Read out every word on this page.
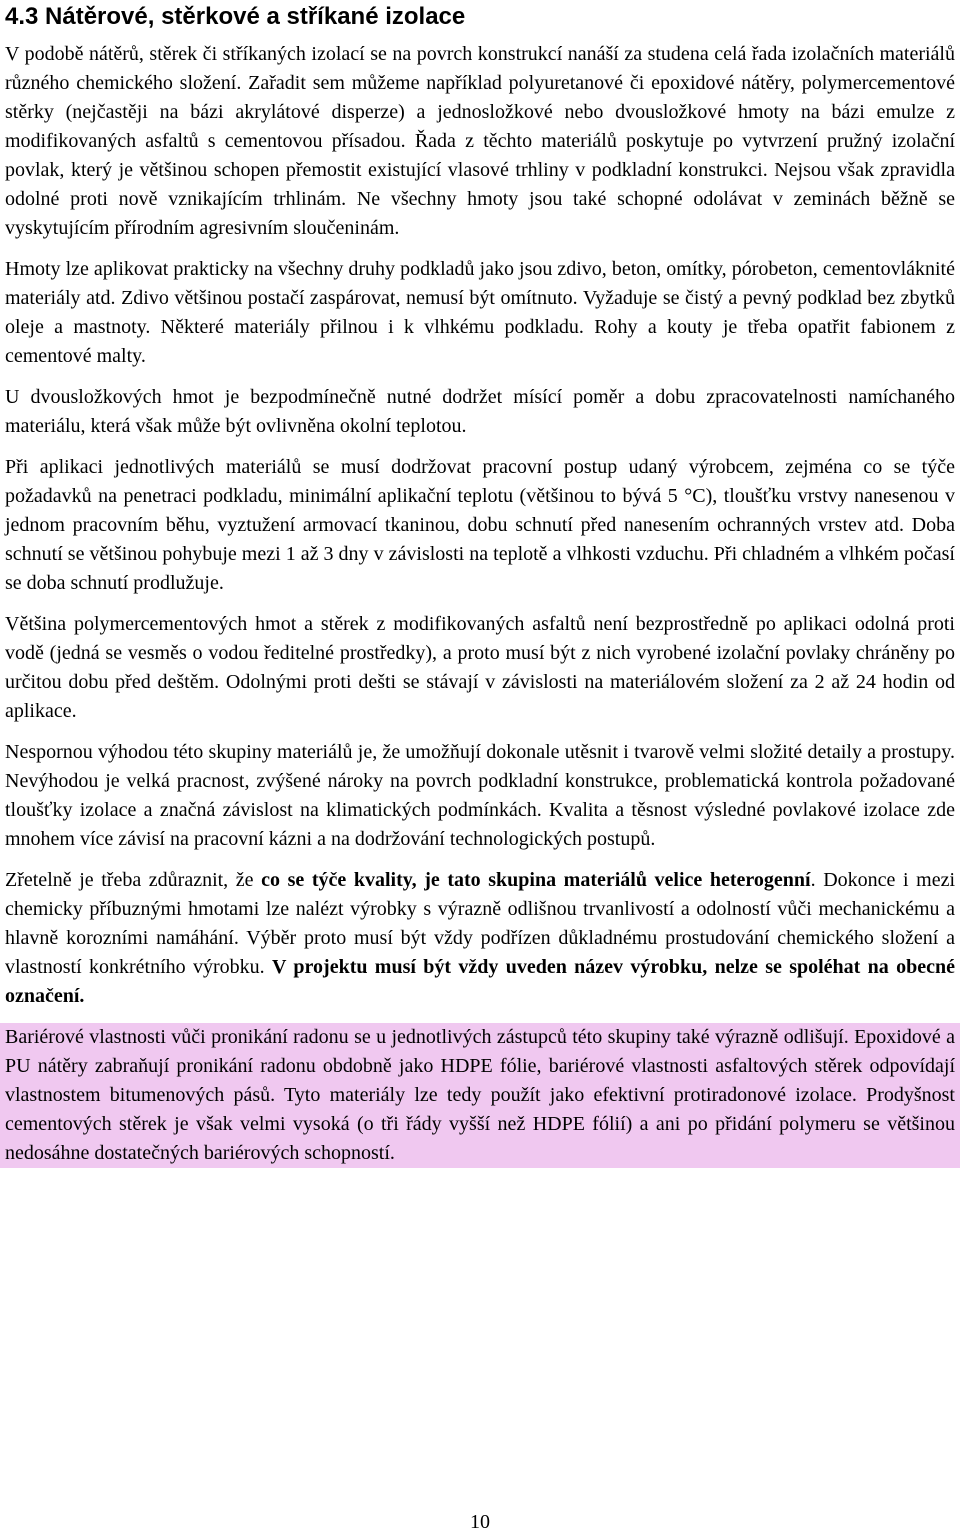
4.3 Nátěrové, stěrkové a stříkané izolace

V podobě nátěrů, stěrek či stříkaných izolací se na povrch konstrukcí nanáší za studena celá řada izolačních materiálů různého chemického složení. Zařadit sem můžeme například polyuretanové či epoxidové nátěry, polymercementové stěrky (nejčastěji na bázi akrylátové disperze) a jednosložkové nebo dvousložkové hmoty na bázi emulze z modifikovaných asfaltů s cementovou přísadou. Řada z těchto materiálů poskytuje po vytvrzení pružný izolační povlak, který je většinou schopen přemostit existující vlasové trhliny v podkladní konstrukci. Nejsou však zpravidla odolné proti nově vznikajícím trhlinám. Ne všechny hmoty jsou také schopné odolávat v zeminách běžně se vyskytujícím přírodním agresivním sloučeninám.

Hmoty lze aplikovat prakticky na všechny druhy podkladů jako jsou zdivo, beton, omítky, pórobeton, cementovláknité materiály atd. Zdivo většinou postačí zaspárovat, nemusí být omítnuto. Vyžaduje se čistý a pevný podklad bez zbytků oleje a mastnoty. Některé materiály přilnou i k vlhkému podkladu. Rohy a kouty je třeba opatřit fabionem z cementové malty.

U dvousložkových hmot je bezpodmínečně nutné dodržet mísící poměr a dobu zpracovatelnosti namíchaného materiálu, která však může být ovlivněna okolní teplotou.

Při aplikaci jednotlivých materiálů se musí dodržovat pracovní postup udaný výrobcem, zejména co se týče požadavků na penetraci podkladu, minimální aplikační teplotu (většinou to bývá 5 °C), tloušťku vrstvy nanesenou v jednom pracovním běhu, vyztužení armovací tkaninou, dobu schnutí před nanesením ochranných vrstev atd. Doba schnutí se většinou pohybuje mezi 1 až 3 dny v závislosti na teplotě a vlhkosti vzduchu. Při chladném a vlhkém počasí se doba schnutí prodlužuje.

Většina polymercementových hmot a stěrek z modifikovaných asfaltů není bezprostředně po aplikaci odolná proti vodě (jedná se vesměs o vodou ředitelné prostředky), a proto musí být z nich vyrobené izolační povlaky chráněny po určitou dobu před deštěm. Odolnými proti dešti se stávají v závislosti na materiálovém složení za 2 až 24 hodin od aplikace.

Nespornou výhodou této skupiny materiálů je, že umožňují dokonale utěsnit i tvarově velmi složité detaily a prostupy. Nevýhodou je velká pracnost, zvýšené nároky na povrch podkladní konstrukce, problematická kontrola požadované tloušťky izolace a značná závislost na klimatických podmínkách. Kvalita a těsnost výsledné povlakové izolace zde mnohem více závisí na pracovní kázni a na dodržování technologických postupů.

Zřetelně je třeba zdůraznit, že co se týče kvality, je tato skupina materiálů velice heterogenní. Dokonce i mezi chemicky příbuznými hmotami lze nalézt výrobky s výrazně odlišnou trvanlivostí a odolností vůči mechanickému a hlavně korozními namáhání. Výběr proto musí být vždy podřízen důkladnému prostudování chemického složení a vlastností konkrétního výrobku. V projektu musí být vždy uveden název výrobku, nelze se spoléhat na obecné označení.

Bariérové vlastnosti vůči pronikání radonu se u jednotlivých zástupců této skupiny také výrazně odlišují. Epoxidové a PU nátěry zabraňují pronikání radonu obdobně jako HDPE fólie, bariérové vlastnosti asfaltových stěrek odpovídají vlastnostem bitumenových pásů. Tyto materiály lze tedy použít jako efektivní protiradonové izolace. Prodyšnost cementových stěrek je však velmi vysoká (o tři řády vyšší než HDPE fólií) a ani po přidání polymeru se většinou nedosáhne dostatečných bariérových schopností.

10
